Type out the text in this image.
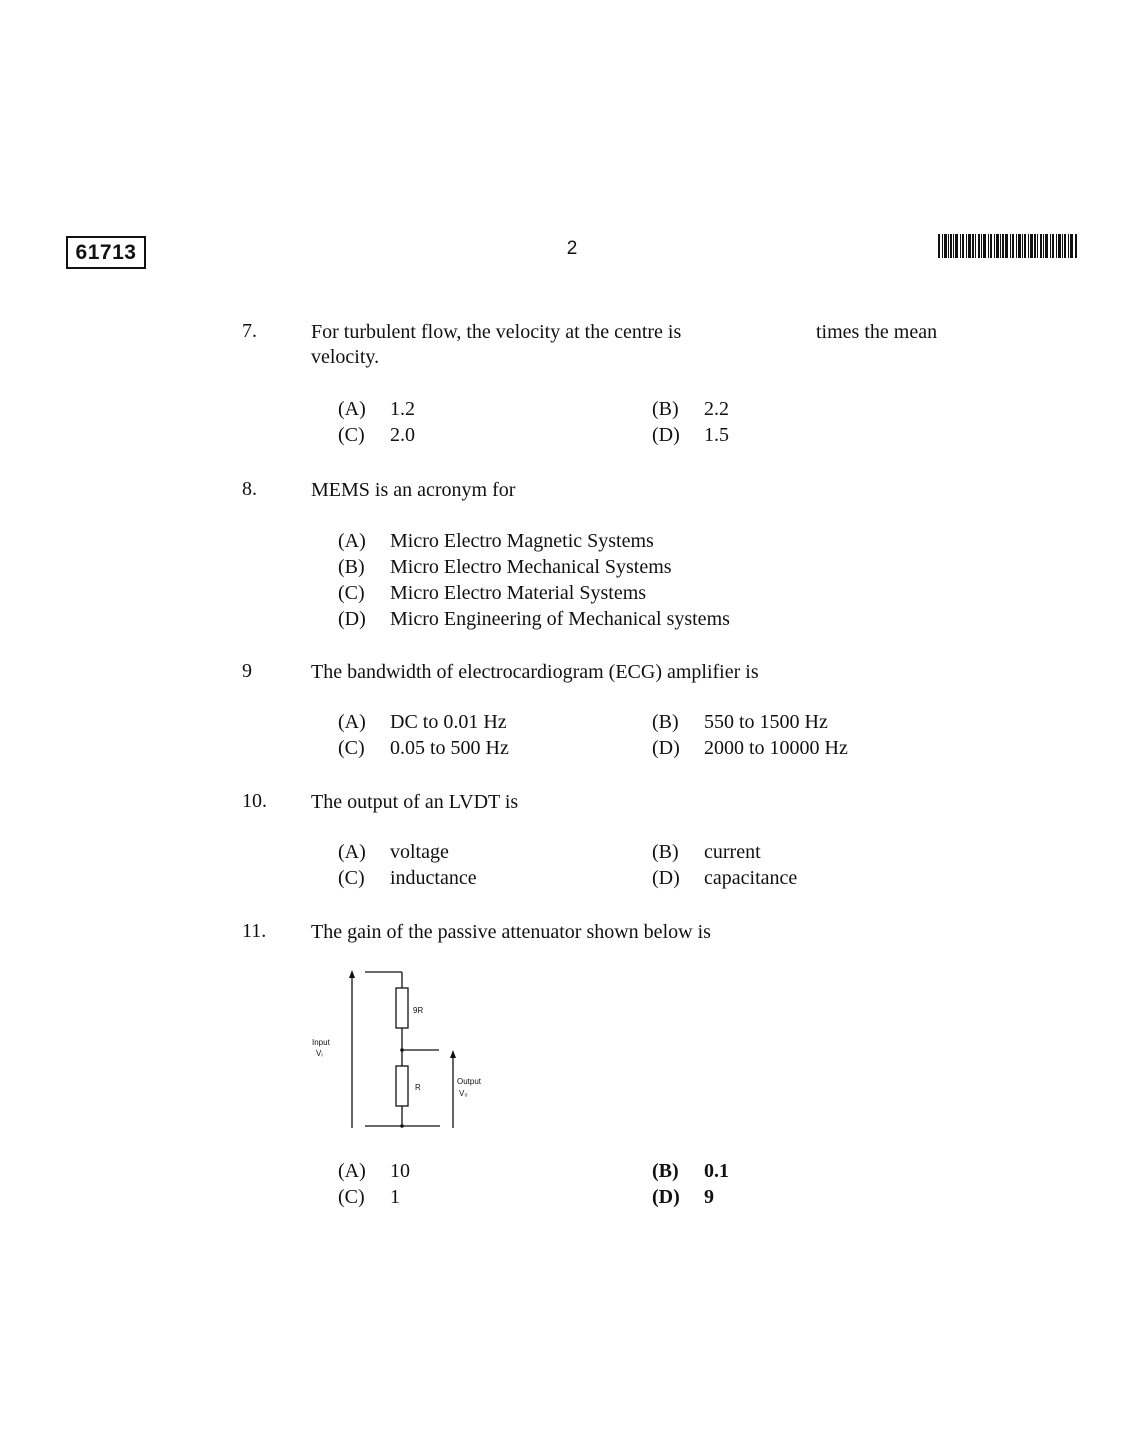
61713	2
7.	For turbulent flow, the velocity at the centre is	times the mean

velocity.
(A) 1.2	(B) 2.2
(C) 2.0	(D) 1.5
8.	MEMS is an acronym for
(A) Micro Electro Magnetic Systems
(B) Micro Electro Mechanical Systems
(C) Micro Electro Material Systems
(D) Micro Engineering of Mechanical systems
9	The bandwidth of electrocardiogram (ECG) amplifier is
(A) DC to 0.01 Hz	(B) 550 to 1500 Hz
(C) 0.05 to 500 Hz	(D) 2000 to 10000 Hz
10. The output of an LVDT is
(A) voltage	(B) current
(C) inductance	(D) capacitance
11. The gain of the passive attenuator shown below is
9R
R
Input
Vᵢ
Output
V₀
(A) 10	(B) 0.1
(C) 1	(D) 9
